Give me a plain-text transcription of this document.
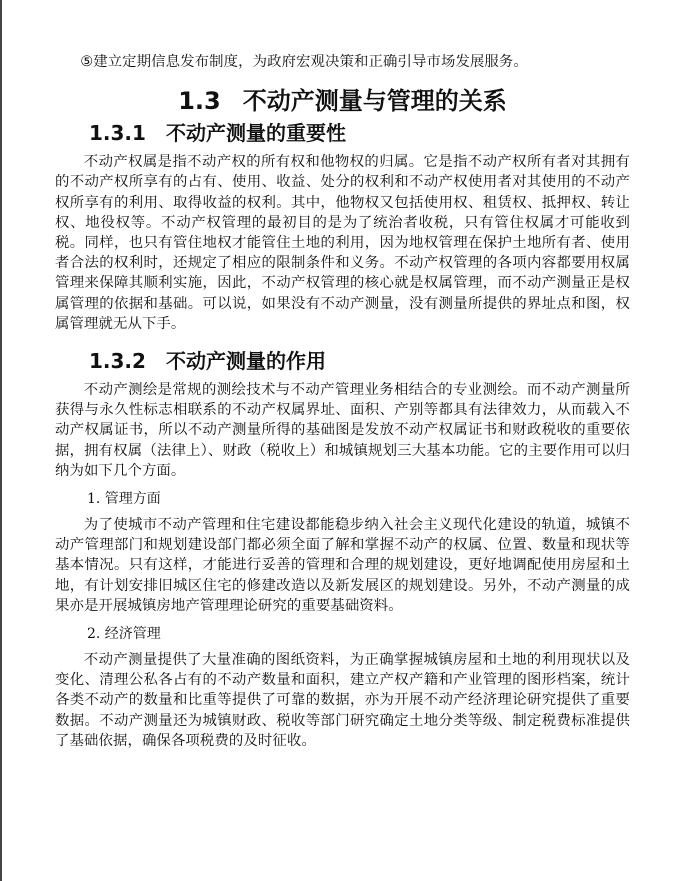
⑤建立定期信息发布制度，为政府宏观决策和正确引导市场发展服务。

1.3 不动产测量与管理的关系
1.3.1 不动产测量的重要性

不动产权属是指不动产权的所有权和他物权的归属。它是指不动产权所有者对其拥有的不动产权所享有的占有、使用、收益、处分的权利和不动产权使用者对其使用的不动产权所享有的利用、取得收益的权利。其中，他物权又包括使用权、租赁权、抵押权、转让权、地役权等。不动产权管理的最初目的是为了统治者收税，只有管住权属才可能收到税。同样，也只有管住地权才能管住土地的利用，因为地权管理在保护土地所有者、使用者合法的权利时，还规定了相应的限制条件和义务。不动产权管理的各项内容都要用权属管理来保障其顺利实施，因此，不动产权管理的核心就是权属管理，而不动产测量正是权属管理的依据和基础。可以说，如果没有不动产测量，没有测量所提供的界址点和图，权属管理就无从下手。

1.3.2 不动产测量的作用

不动产测绘是常规的测绘技术与不动产管理业务相结合的专业测绘。而不动产测量所获得与永久性标志相联系的不动产权属界址、面积、产别等都具有法律效力，从而载入不动产权属证书，所以不动产测量所得的基础图是发放不动产权属证书和财政税收的重要依据，拥有权属（法律上）、财政（税收上）和城镇规划三大基本功能。它的主要作用可以归纳为如下几个方面。

1. 管理方面

为了使城市不动产管理和住宅建设都能稳步纳入社会主义现代化建设的轨道，城镇不动产管理部门和规划建设部门都必须全面了解和掌握不动产的权属、位置、数量和现状等基本情况。只有这样，才能进行妥善的管理和合理的规划建设，更好地调配使用房屋和土地，有计划安排旧城区住宅的修建改造以及新发展区的规划建设。另外，不动产测量的成果亦是开展城镇房地产管理理论研究的重要基础资料。

2. 经济管理

不动产测量提供了大量准确的图纸资料，为正确掌握城镇房屋和土地的利用现状以及变化、清理公私各占有的不动产数量和面积，建立产权产籍和产业管理的图形档案，统计各类不动产的数量和比重等提供了可靠的数据，亦为开展不动产经济理论研究提供了重要数据。不动产测量还为城镇财政、税收等部门研究确定土地分类等级、制定税费标准提供了基础依据，确保各项税费的及时征收。
